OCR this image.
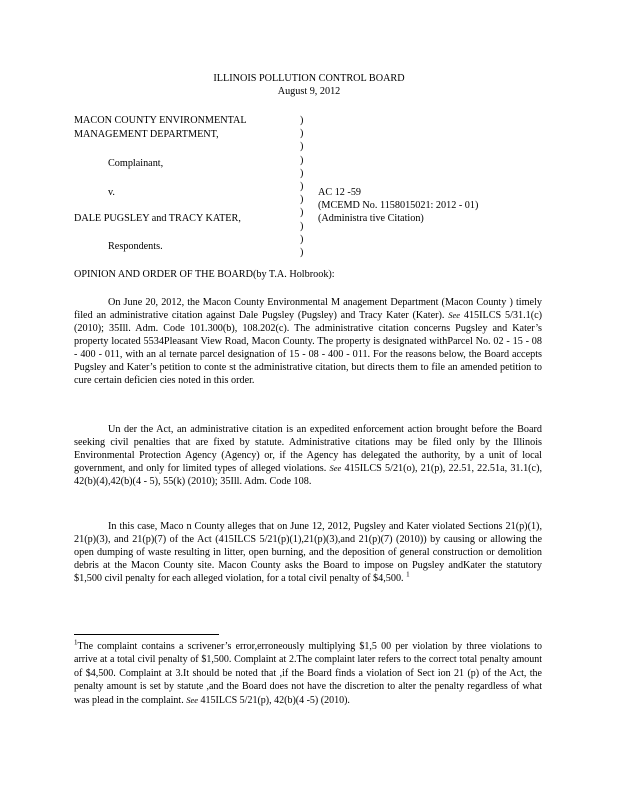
ILLINOIS POLLUTION CONTROL BOARD
August 9, 2012
MACON COUNTY ENVIRONMENTAL
MANAGEMENT DEPARTMENT,
Complainant,
v.
DALE PUGSLEY and TRACY KATER,
Respondents.
)
)
)
)
)
)
)
)
)
)
)
AC 12 -59
(MCEMD No. 1158015021: 2012 - 01)
(Administra tive Citation)
OPINION AND ORDER OF THE BOARD(by T.A. Holbrook):
On June 20, 2012, the Macon County Environmental M anagement Department (Macon County ) timely filed an administrative citation against Dale Pugsley (Pugsley) and Tracy Kater (Kater). See 415ILCS 5/31.1(c) (2010); 35Ill. Adm. Code 101.300(b), 108.202(c). The administrative citation concerns Pugsley and Kater’s property located 5534Pleasant View Road, Macon County. The property is designated withParcel No. 02 - 15 - 08 - 400 - 011, with an al ternate parcel designation of 15 - 08 - 400 - 011. For the reasons below, the Board accepts Pugsley and Kater’s petition to conte st the administrative citation, but directs them to file an amended petition to cure certain deficien cies noted in this order.
Un der the Act, an administrative citation is an expedited enforcement action brought before the Board seeking civil penalties that are fixed by statute. Administrative citations may be filed only by the Illinois Environmental Protection Agency (Agency) or, if the Agency has delegated the authority, by a unit of local government, and only for limited types of alleged violations. See 415ILCS 5/21(o), 21(p), 22.51, 22.51a, 31.1(c), 42(b)(4),42(b)(4 - 5), 55(k) (2010); 35Ill. Adm. Code 108.
In this case, Maco n County alleges that on June 12, 2012, Pugsley and Kater violated Sections 21(p)(1), 21(p)(3), and 21(p)(7) of the Act (415ILCS 5/21(p)(1),21(p)(3),and 21(p)(7) (2010)) by causing or allowing the open dumping of waste resulting in litter, open burning, and the deposition of general construction or demolition debris at the Macon County site. Macon County asks the Board to impose on Pugsley andKater the statutory $1,500 civil penalty for each alleged violation, for a total civil penalty of $4,500. $^1$
$^1$The complaint contains a scrivener’s error,erroneously multiplying $1,5 00 per violation by three violations to arrive at a total civil penalty of $1,500. Complaint at 2.The complaint later refers to the correct total penalty amount of $4,500. Complaint at 3.It should be noted that ,if the Board finds a violation of Sect ion 21 (p) of the Act, the penalty amount is set by statute ,and the Board does not have the discretion to alter the penalty regardless of what was plead in the complaint. See 415ILCS 5/21(p), 42(b)(4 -5) (2010).
